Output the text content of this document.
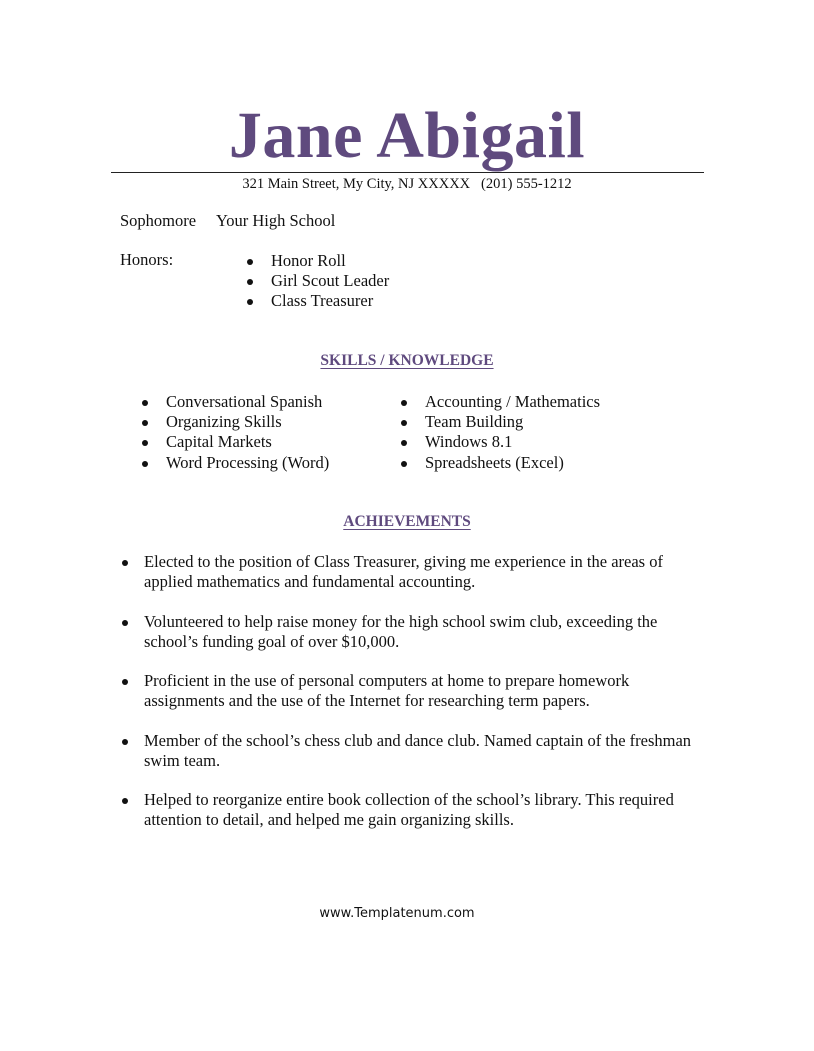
Jane Abigail
321 Main Street, My City, NJ XXXXX   (201) 555-1212
Sophomore Your High School
Honors:	Honor Roll
Girl Scout Leader
Class Treasurer
SKILLS / KNOWLEDGE
Conversational Spanish
Organizing Skills
Capital Markets
Word Processing (Word)
Accounting / Mathematics
Team Building
Windows 8.1
Spreadsheets (Excel)
ACHIEVEMENTS
Elected to the position of Class Treasurer, giving me experience in the areas of applied mathematics and fundamental accounting.
Volunteered to help raise money for the high school swim club, exceeding the school’s funding goal of over $10,000.
Proficient in the use of personal computers at home to prepare homework assignments and the use of the Internet for researching term papers.
Member of the school’s chess club and dance club. Named captain of the freshman swim team.
Helped to reorganize entire book collection of the school’s library. This required attention to detail, and helped me gain organizing skills.
www.Templatenum.com
